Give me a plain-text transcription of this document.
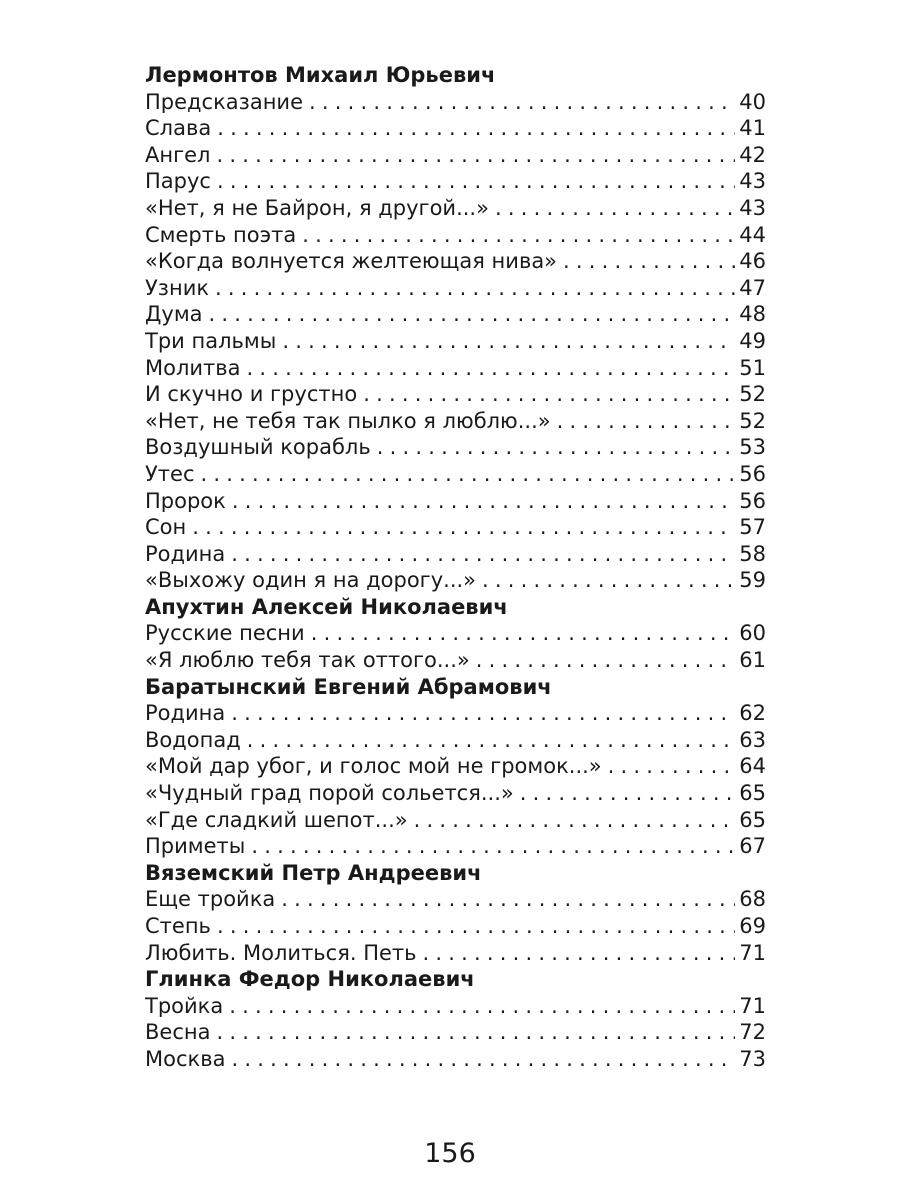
Лермонтов Михаил Юрьевич
Предсказание .....	40
Слава .....	41
Ангел .....	42
Парус .....	43
«Нет, я не Байрон, я другой...» .....	43
Смерть поэта .....	44
«Когда волнуется желтеющая нива» .....	46
Узник .....	47
Дума .....	48
Три пальмы .....	49
Молитва .....	51
И скучно и грустно .....	52
«Нет, не тебя так пылко я люблю...» .....	52
Воздушный корабль .....	53
Утес .....	56
Пророк .....	56
Сон .....	57
Родина .....	58
«Выхожу один я на дорогу...» .....	59
Апухтин Алексей Николаевич
Русские песни .....	60
«Я люблю тебя так оттого...» .....	61
Баратынский Евгений Абрамович
Родина .....	62
Водопад .....	63
«Мой дар убог, и голос мой не громок...» .....	64
«Чудный град порой сольется...» .....	65
«Где сладкий шепот...» .....	65
Приметы .....	67
Вяземский Петр Андреевич
Еще тройка .....	68
Степь .....	69
Любить. Молиться. Петь .....	71
Глинка Федор Николаевич
Тройка .....	71
Весна .....	72
Москва .....	73
156
